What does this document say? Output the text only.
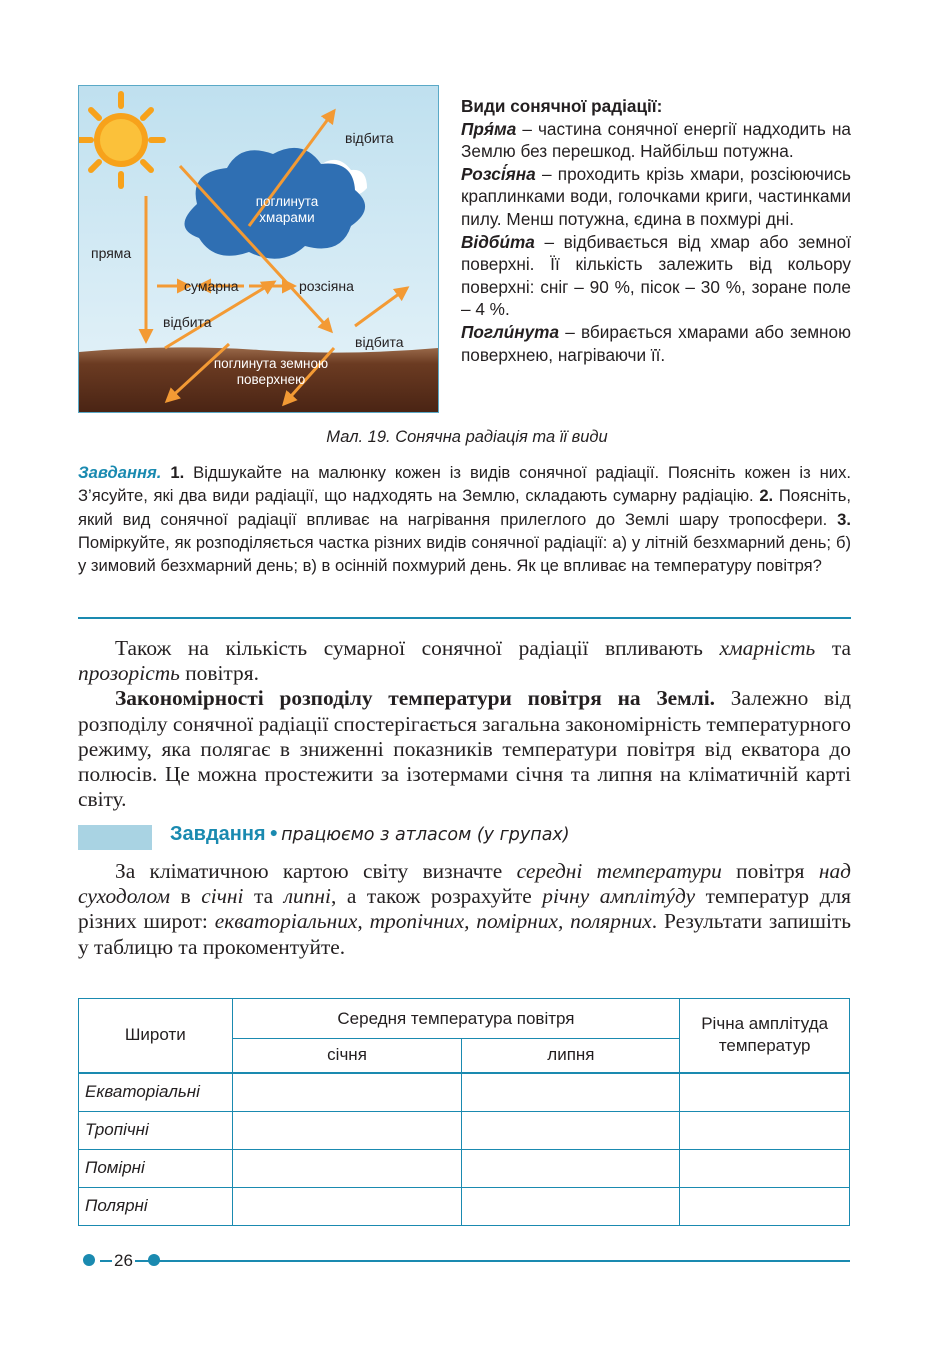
відбита
пряма
сумарна	розсіяна
відбита
відбита
поглинута хмарами
поглинута земною поверхнею

Види сонячної радіації:

Пря́ма – частина сонячної енергії надходить на Землю без перешкод. Найбільш потужна.

Розсі́яна – проходить крізь хмари, розсіюючись краплинками води, голочками криги, частинками пилу. Менш потужна, єдина в похмурі дні.

Відби́та – відбивається від хмар або земної поверхні. Її кількість залежить від кольору поверхні: сніг – 90 %, пісок – 30 %, зоране поле – 4 %.

Погли́нута – вбирається хмарами або земною поверхнею, нагріваючи її.

Мал. 19. Сонячна радіація та її види

Завдання. 1. Відшукайте на малюнку кожен із видів сонячної радіації. Поясніть кожен із них. З’ясуйте, які два види радіації, що надходять на Землю, складають сумарну радіацію. 2. Поясніть, який вид сонячної радіації впливає на нагрівання прилеглого до Землі шару тропосфери. 3. Поміркуйте, як розподіляється частка різних видів сонячної радіації: а) у літній безхмарний день; б) у зимовий безхмарний день; в) в осінній похмурий день. Як це впливає на температуру повітря?

Також на кількість сумарної сонячної радіації впливають хмарність та прозорість повітря.

Закономірності розподілу температури повітря на Землі. Залежно від розподілу сонячної радіації спостерігається загальна закономірність температурного режиму, яка полягає в зниженні показників температури повітря від екватора до полюсів. Це можна простежити за ізотермами січня та липня на кліматичній карті світу.

Завдання ● працюємо з атласом (у групах)

За кліматичною картою світу визначте середні температури повітря над суходолом в січні та липні, а також розрахуйте річну амплітýду температур для різних широт: екваторіальних, тропічних, помірних, полярних. Результати запишіть у таблицю та прокоментуйте.

Широти	Середня температура повітря		Річна амплітуда температур
	січня	липня	
Екваторіальні			
Тропічні			
Помірні			
Полярні			
26
